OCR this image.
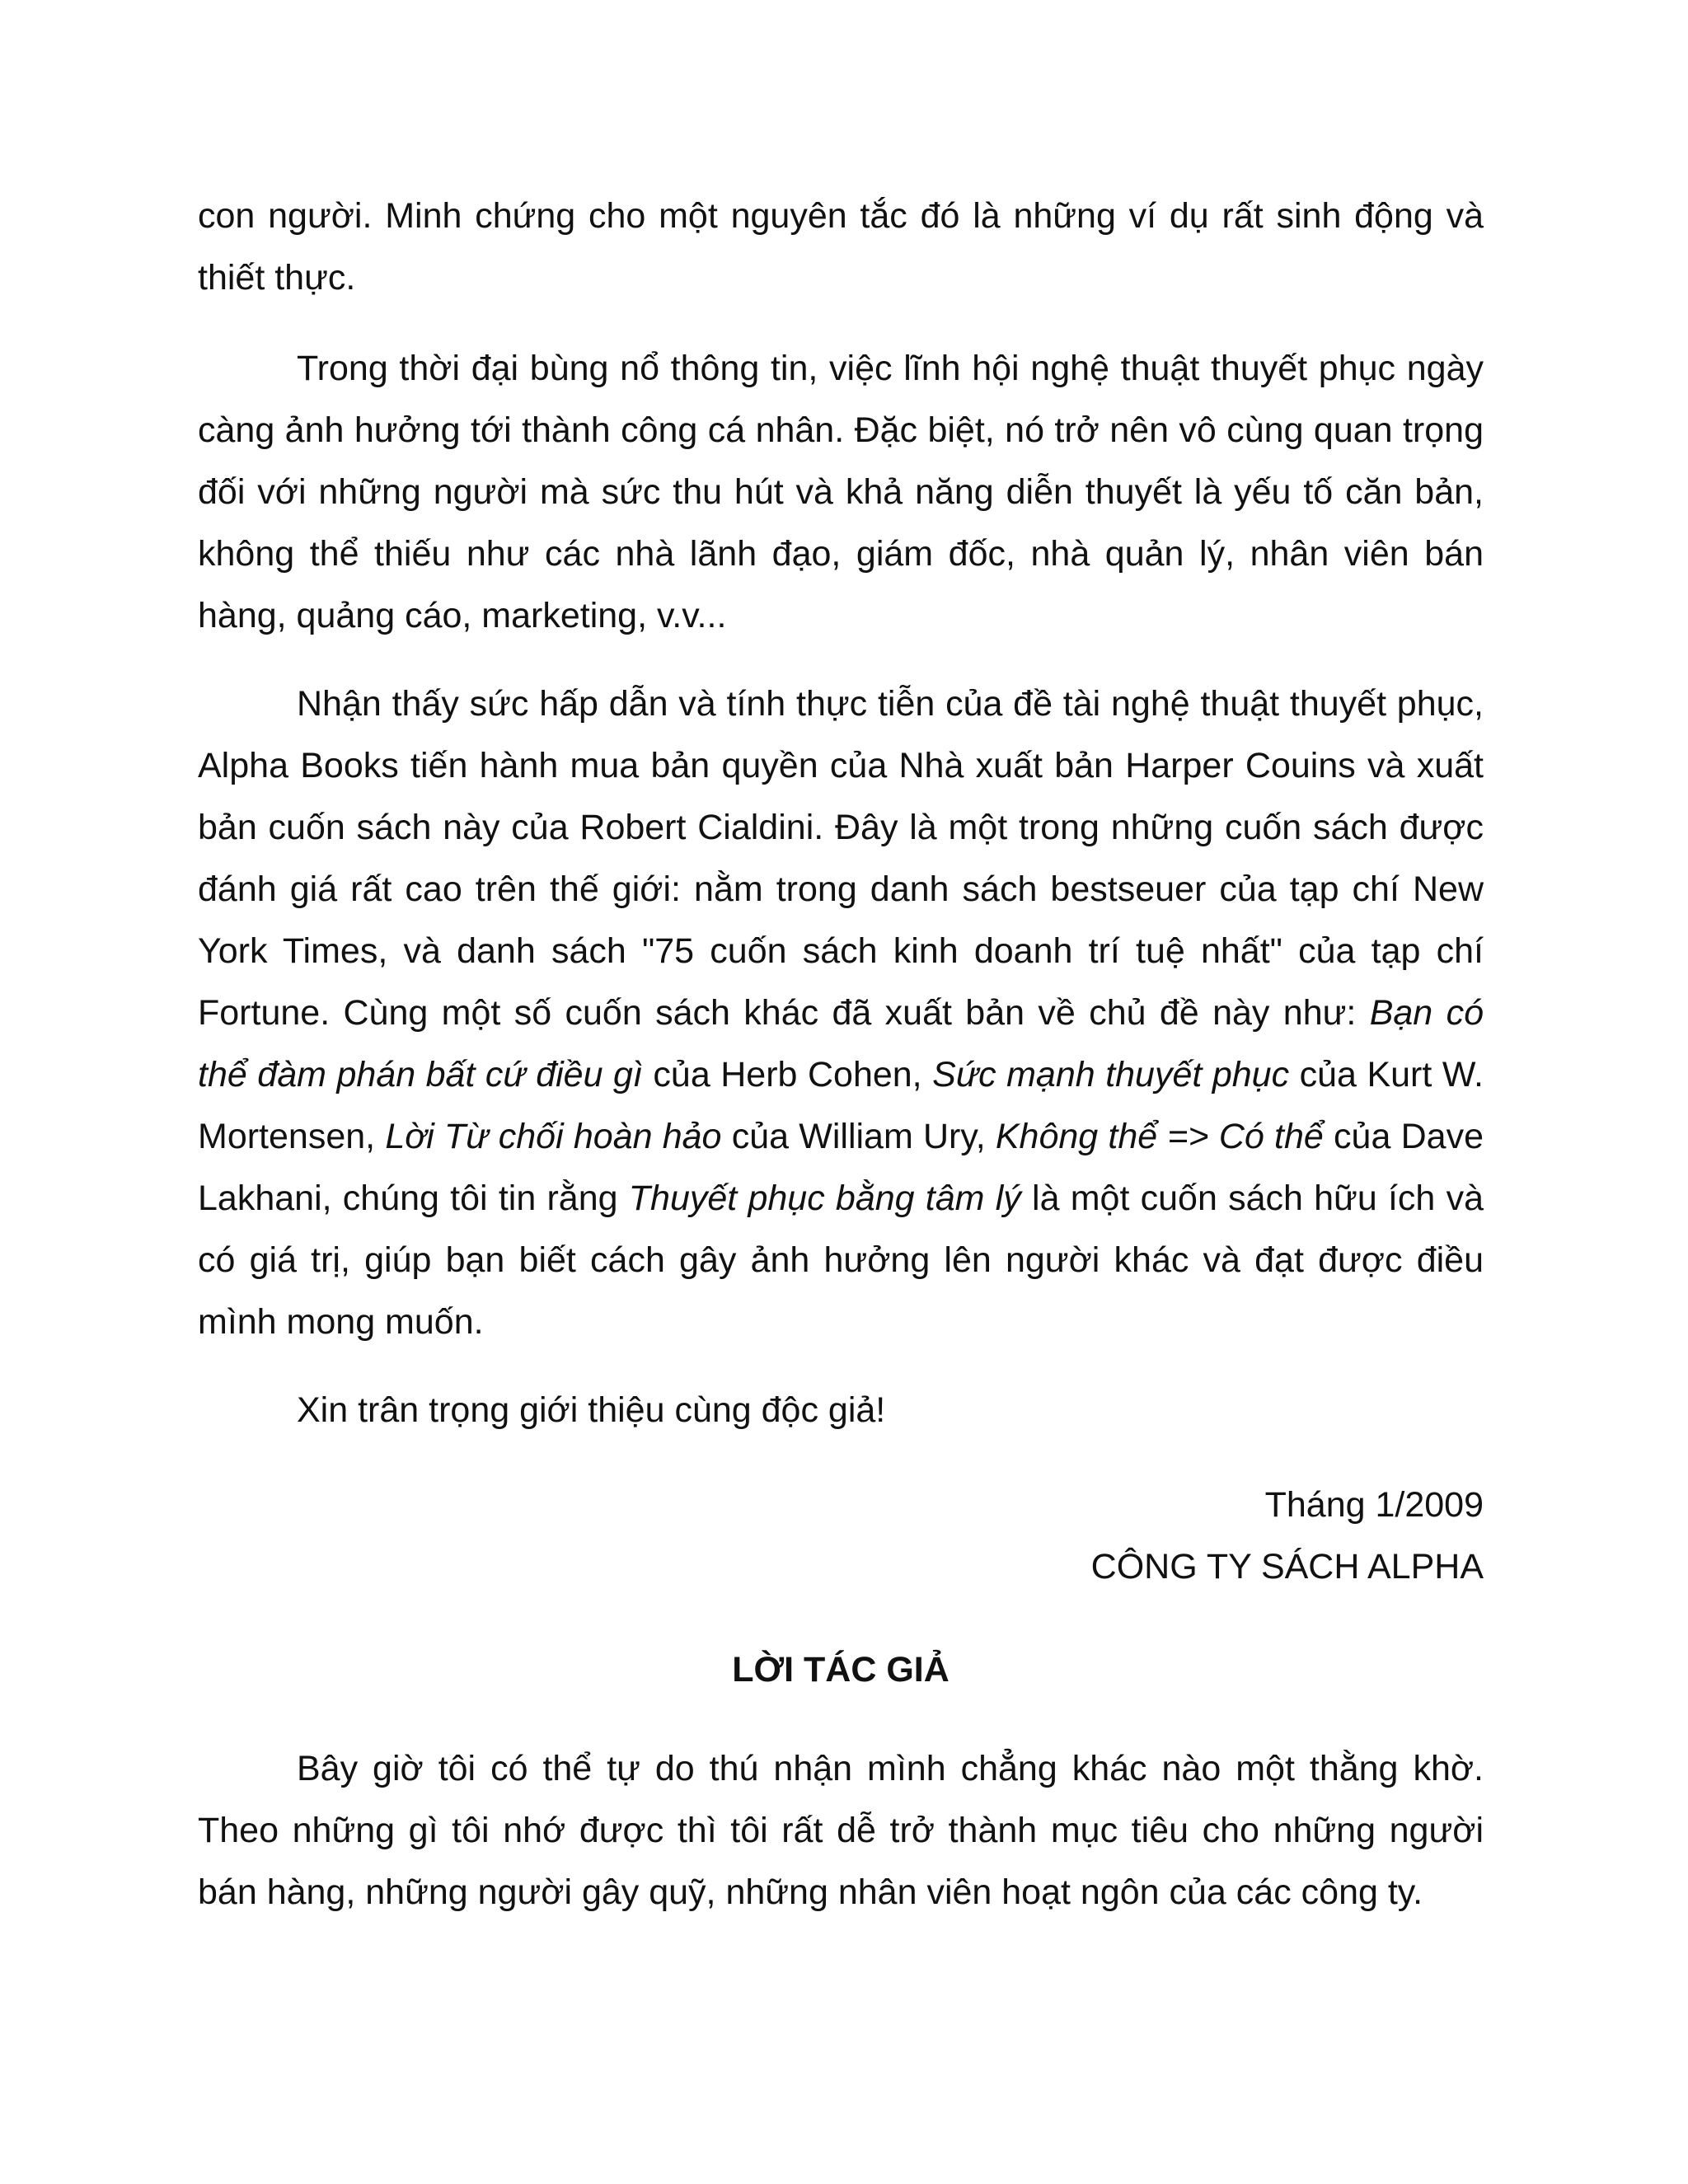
con người. Minh chứng cho một nguyên tắc đó là những ví dụ rất sinh động và thiết thực.

Trong thời đại bùng nổ thông tin, việc lĩnh hội nghệ thuật thuyết phục ngày càng ảnh hưởng tới thành công cá nhân. Đặc biệt, nó trở nên vô cùng quan trọng đối với những người mà sức thu hút và khả năng diễn thuyết là yếu tố căn bản, không thể thiếu như các nhà lãnh đạo, giám đốc, nhà quản lý, nhân viên bán hàng, quảng cáo, marketing, v.v...

Nhận thấy sức hấp dẫn và tính thực tiễn của đề tài nghệ thuật thuyết phục, Alpha Books tiến hành mua bản quyền của Nhà xuất bản Harper Couins và xuất bản cuốn sách này của Robert Cialdini. Đây là một trong những cuốn sách được đánh giá rất cao trên thế giới: nằm trong danh sách bestseuer của tạp chí New York Times, và danh sách "75 cuốn sách kinh doanh trí tuệ nhất" của tạp chí Fortune. Cùng một số cuốn sách khác đã xuất bản về chủ đề này như: Bạn có thể đàm phán bất cứ điều gì của Herb Cohen, Sức mạnh thuyết phục của Kurt W. Mortensen, Lời Từ chối hoàn hảo của William Ury, Không thể => Có thể của Dave Lakhani, chúng tôi tin rằng Thuyết phục bằng tâm lý là một cuốn sách hữu ích và có giá trị, giúp bạn biết cách gây ảnh hưởng lên người khác và đạt được điều mình mong muốn.

Xin trân trọng giới thiệu cùng độc giả!

Tháng 1/2009
CÔNG TY SÁCH ALPHA
LỜI TÁC GIẢ

Bây giờ tôi có thể tự do thú nhận mình chẳng khác nào một thằng khờ. Theo những gì tôi nhớ được thì tôi rất dễ trở thành mục tiêu cho những người bán hàng, những người gây quỹ, những nhân viên hoạt ngôn của các công ty.
